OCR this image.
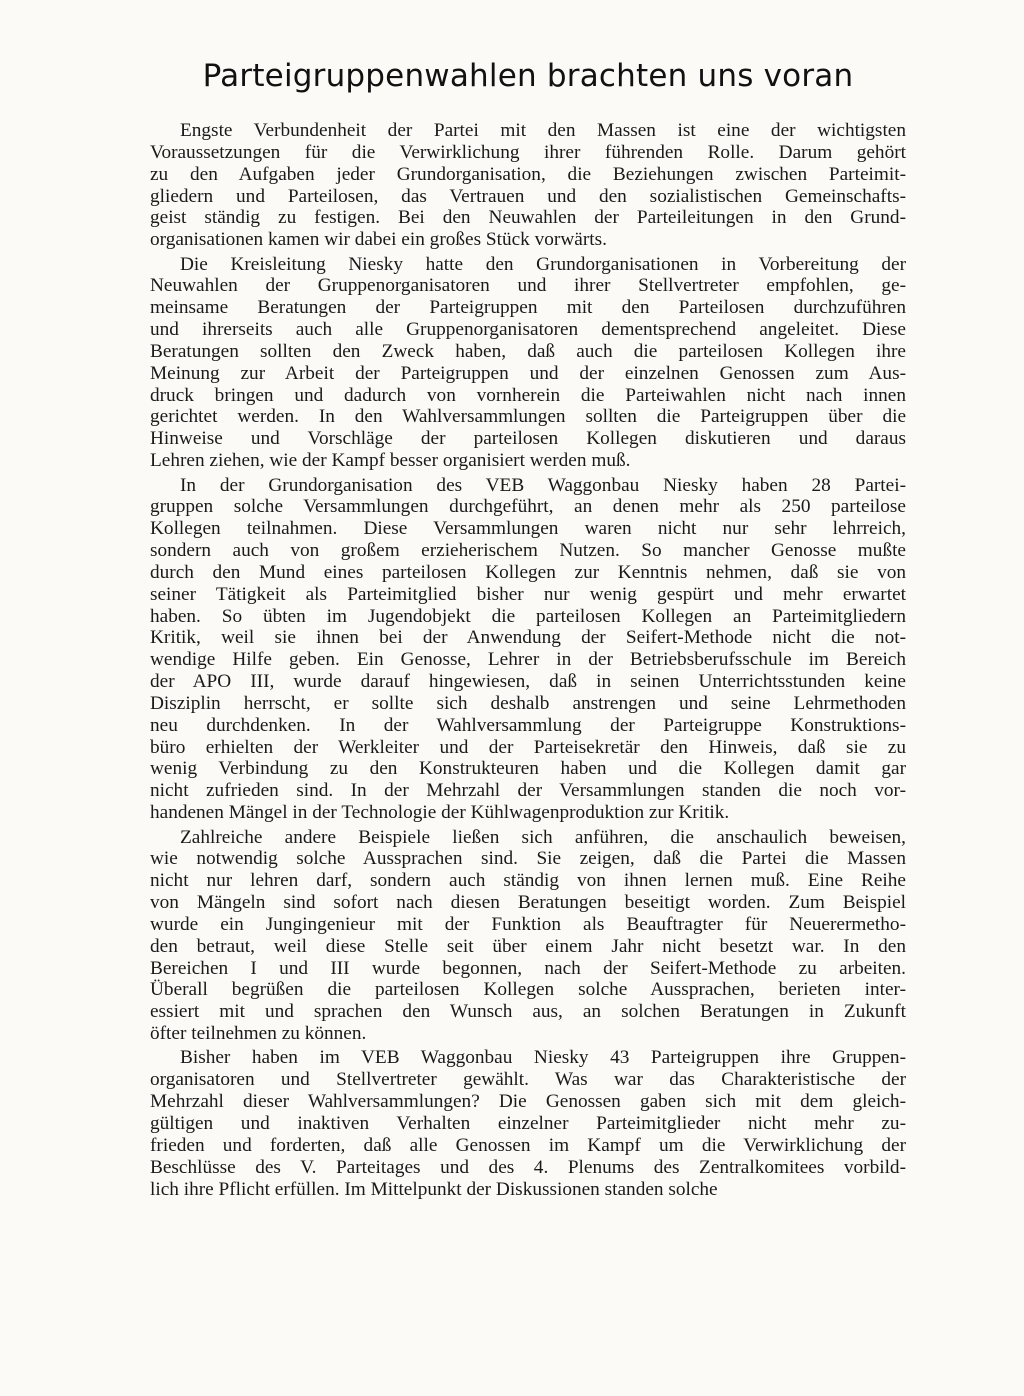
Parteigruppenwahlen brachten uns voran
Engste Verbundenheit der Partei mit den Massen ist eine der wichtigsten
Voraussetzungen für die Verwirklichung ihrer führenden Rolle. Darum gehört
zu den Aufgaben jeder Grundorganisation, die Beziehungen zwischen Parteimit-
gliedern und Parteilosen, das Vertrauen und den sozialistischen Gemeinschafts-
geist ständig zu festigen. Bei den Neuwahlen der Parteileitungen in den Grund-
organisationen kamen wir dabei ein großes Stück vorwärts.
Die Kreisleitung Niesky hatte den Grundorganisationen in Vorbereitung der
Neuwahlen der Gruppenorganisatoren und ihrer Stellvertreter empfohlen, ge-
meinsame Beratungen der Parteigruppen mit den Parteilosen durchzuführen
und ihrerseits auch alle Gruppenorganisatoren dementsprechend angeleitet. Diese
Beratungen sollten den Zweck haben, daß auch die parteilosen Kollegen ihre
Meinung zur Arbeit der Parteigruppen und der einzelnen Genossen zum Aus-
druck bringen und dadurch von vornherein die Parteiwahlen nicht nach innen
gerichtet werden. In den Wahlversammlungen sollten die Parteigruppen über die
Hinweise und Vorschläge der parteilosen Kollegen diskutieren und daraus
Lehren ziehen, wie der Kampf besser organisiert werden muß.
In der Grundorganisation des VEB Waggonbau Niesky haben 28 Partei-
gruppen solche Versammlungen durchgeführt, an denen mehr als 250 parteilose
Kollegen teilnahmen. Diese Versammlungen waren nicht nur sehr lehrreich,
sondern auch von großem erzieherischem Nutzen. So mancher Genosse mußte
durch den Mund eines parteilosen Kollegen zur Kenntnis nehmen, daß sie von
seiner Tätigkeit als Parteimitglied bisher nur wenig gespürt und mehr erwartet
haben. So übten im Jugendobjekt die parteilosen Kollegen an Parteimitgliedern
Kritik, weil sie ihnen bei der Anwendung der Seifert-Methode nicht die not-
wendige Hilfe geben. Ein Genosse, Lehrer in der Betriebsberufsschule im Bereich
der APO III, wurde darauf hingewiesen, daß in seinen Unterrichtsstunden keine
Disziplin herrscht, er sollte sich deshalb anstrengen und seine Lehrmethoden
neu durchdenken. In der Wahlversammlung der Parteigruppe Konstruktions-
büro erhielten der Werkleiter und der Parteisekretär den Hinweis, daß sie zu
wenig Verbindung zu den Konstrukteuren haben und die Kollegen damit gar
nicht zufrieden sind. In der Mehrzahl der Versammlungen standen die noch vor-
handenen Mängel in der Technologie der Kühlwagenproduktion zur Kritik.
Zahlreiche andere Beispiele ließen sich anführen, die anschaulich beweisen,
wie notwendig solche Aussprachen sind. Sie zeigen, daß die Partei die Massen
nicht nur lehren darf, sondern auch ständig von ihnen lernen muß. Eine Reihe
von Mängeln sind sofort nach diesen Beratungen beseitigt worden. Zum Beispiel
wurde ein Jungingenieur mit der Funktion als Beauftragter für Neuerermetho-
den betraut, weil diese Stelle seit über einem Jahr nicht besetzt war. In den
Bereichen I und III wurde begonnen, nach der Seifert-Methode zu arbeiten.
Überall begrüßen die parteilosen Kollegen solche Aussprachen, berieten inter-
essiert mit und sprachen den Wunsch aus, an solchen Beratungen in Zukunft
öfter teilnehmen zu können.
Bisher haben im VEB Waggonbau Niesky 43 Parteigruppen ihre Gruppen-
organisatoren und Stellvertreter gewählt. Was war das Charakteristische der
Mehrzahl dieser Wahlversammlungen? Die Genossen gaben sich mit dem gleich-
gültigen und inaktiven Verhalten einzelner Parteimitglieder nicht mehr zu-
frieden und forderten, daß alle Genossen im Kampf um die Verwirklichung der
Beschlüsse des V. Parteitages und des 4. Plenums des Zentralkomitees vorbild-
lich ihre Pflicht erfüllen. Im Mittelpunkt der Diskussionen standen solche
